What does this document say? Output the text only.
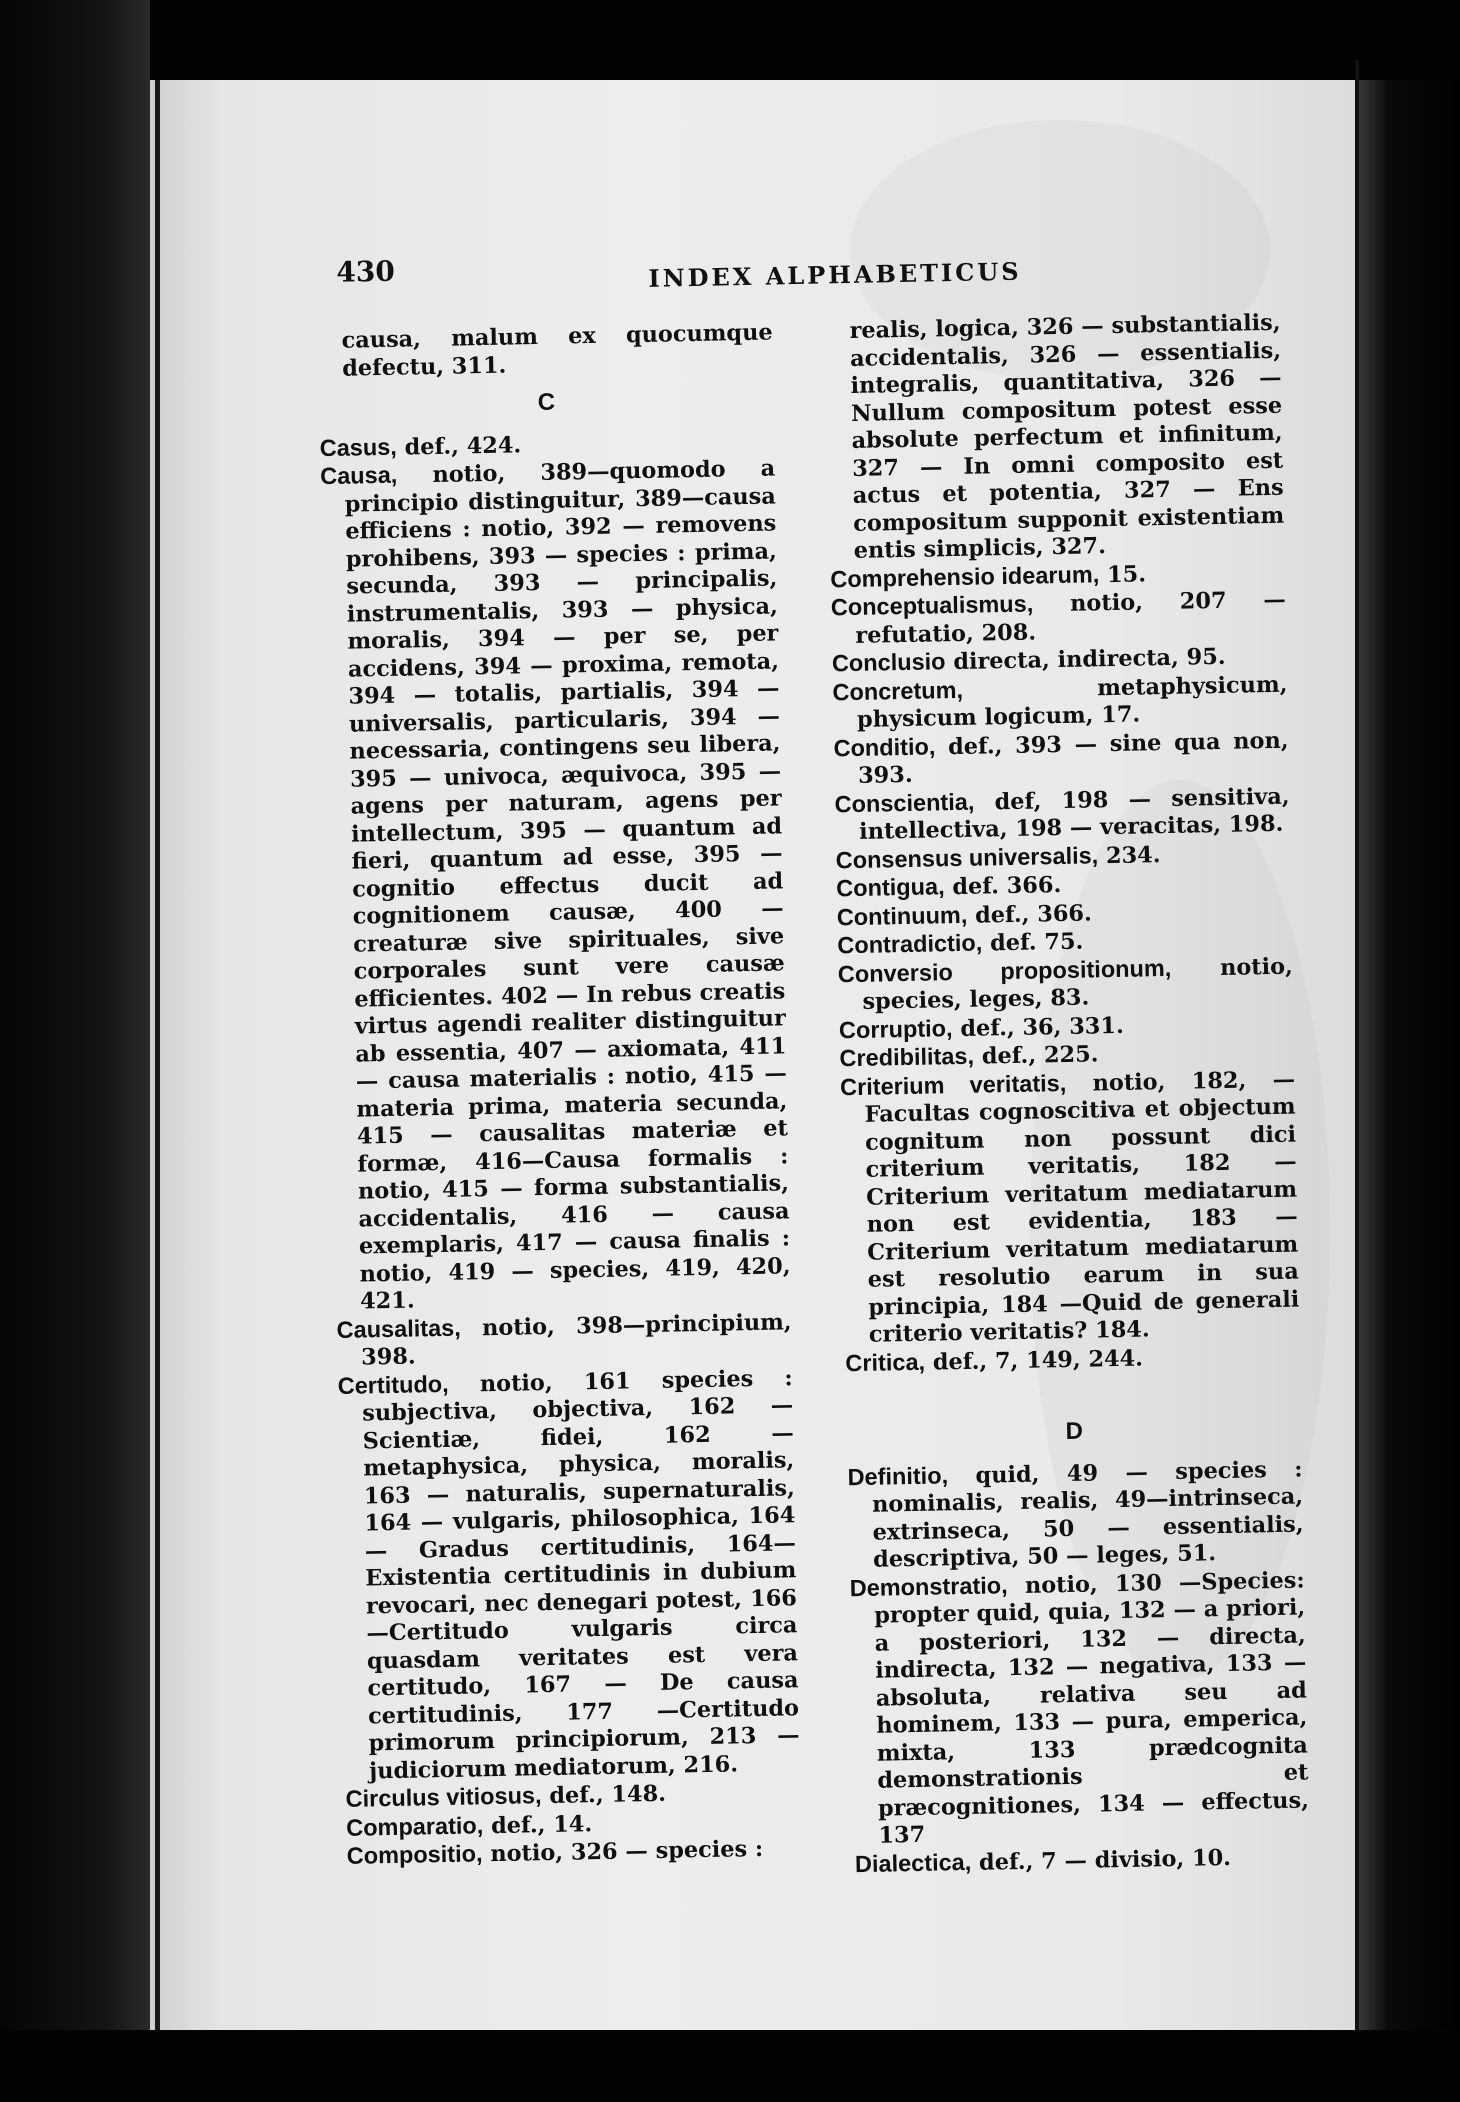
430	INDEX ALPHABETICUS

causa, malum ex quocumque defectu, 311.

C

Casus, def., 424.

Causa, notio, 389—quomodo a principio distinguitur, 389—causa efficiens : notio, 392 — removens prohibens, 393 — species : prima, secunda, 393 — principalis, instrumentalis, 393 — physica, moralis, 394 — per se, per accidens, 394 — proxima, remota, 394 — totalis, partialis, 394 — universalis, particularis, 394 — necessaria, contingens seu libera, 395 — univoca, æquivoca, 395 — agens per naturam, agens per intellectum, 395 — quantum ad fieri, quantum ad esse, 395 — cognitio effectus ducit ad cognitionem causæ, 400 — creaturæ sive spirituales, sive corporales sunt vere causæ efficientes. 402 — In rebus creatis virtus agendi realiter distinguitur ab essentia, 407 — axiomata, 411 — causa materialis : notio, 415 — materia prima, materia secunda, 415 — causalitas materiæ et formæ, 416—Causa formalis : notio, 415 — forma substantialis, accidentalis, 416 — causa exemplaris, 417 — causa finalis : notio, 419 — species, 419, 420, 421.

Causalitas, notio, 398—principium, 398.

Certitudo, notio, 161 species : subjectiva, objectiva, 162 — Scientiæ, fidei, 162 — metaphysica, physica, moralis, 163 — naturalis, supernaturalis, 164 — vulgaris, philosophica, 164 — Gradus certitudinis, 164—Existentia certitudinis in dubium revocari, nec denegari potest, 166—Certitudo vulgaris circa quasdam veritates est vera certitudo, 167 — De causa certitudinis, 177 —Certitudo primorum principiorum, 213 — judiciorum mediatorum, 216.

Circulus vitiosus, def., 148.

Comparatio, def., 14.

Compositio, notio, 326 — species :

realis, logica, 326 — substantialis, accidentalis, 326 — essentialis, integralis, quantitativa, 326 — Nullum compositum potest esse absolute perfectum et infinitum, 327 — In omni composito est actus et potentia, 327 — Ens compositum supponit existentiam entis simplicis, 327.

Comprehensio idearum, 15.

Conceptualismus, notio, 207 — refutatio, 208.

Conclusio directa, indirecta, 95.

Concretum, metaphysicum, physicum logicum, 17.

Conditio, def., 393 — sine qua non, 393.

Conscientia, def, 198 — sensitiva, intellectiva, 198 — veracitas, 198.

Consensus universalis, 234.

Contigua, def. 366.

Continuum, def., 366.

Contradictio, def. 75.

Conversio propositionum, notio, species, leges, 83.

Corruptio, def., 36, 331.

Credibilitas, def., 225.

Criterium veritatis, notio, 182, — Facultas cognoscitiva et objectum cognitum non possunt dici criterium veritatis, 182 — Criterium veritatum mediatarum non est evidentia, 183 — Criterium veritatum mediatarum est resolutio earum in sua principia, 184 —Quid de generali criterio veritatis? 184.

Critica, def., 7, 149, 244.

D

Definitio, quid, 49 — species : nominalis, realis, 49—intrinseca, extrinseca, 50 — essentialis, descriptiva, 50 — leges, 51.

Demonstratio, notio, 130 —Species: propter quid, quia, 132 — a priori, a posteriori, 132 — directa, indirecta, 132 — negativa, 133 — absoluta, relativa seu ad hominem, 133 — pura, emperica, mixta, 133 prædcognita demonstrationis et præcognitiones, 134 — effectus, 137

Dialectica, def., 7 — divisio, 10.
